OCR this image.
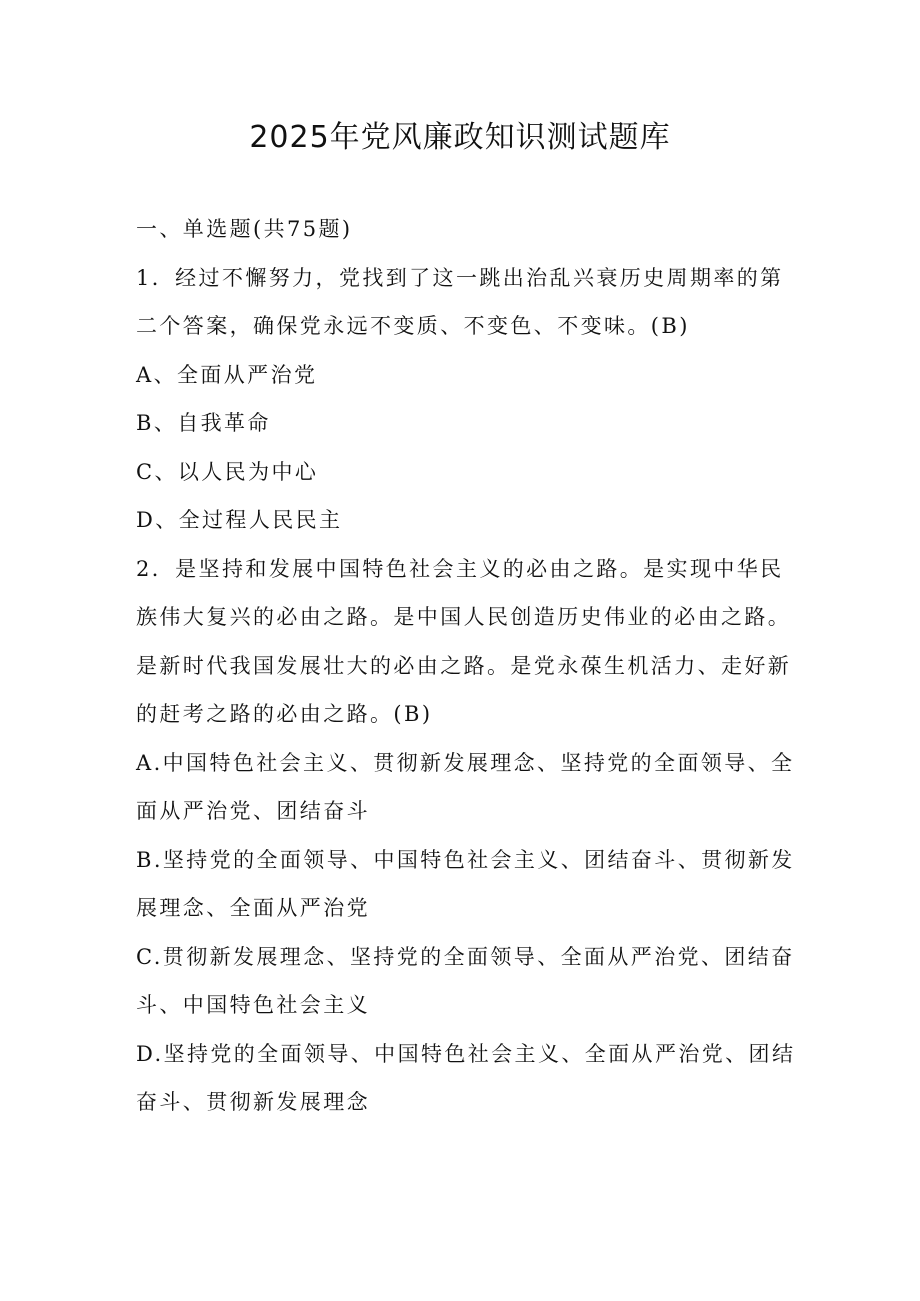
2025年党风廉政知识测试题库

一、单选题(共75题)

1．经过不懈努力，党找到了这一跳出治乱兴衰历史周期率的第
二个答案，确保党永远不变质、不变色、不变味。(B)

A、全面从严治党

B、自我革命

C、以人民为中心

D、全过程人民民主

2．是坚持和发展中国特色社会主义的必由之路。是实现中华民
族伟大复兴的必由之路。是中国人民创造历史伟业的必由之路。
是新时代我国发展壮大的必由之路。是党永葆生机活力、走好新
的赶考之路的必由之路。(B)

A.中国特色社会主义、贯彻新发展理念、坚持党的全面领导、全
面从严治党、团结奋斗

B.坚持党的全面领导、中国特色社会主义、团结奋斗、贯彻新发
展理念、全面从严治党

C.贯彻新发展理念、坚持党的全面领导、全面从严治党、团结奋
斗、中国特色社会主义

D.坚持党的全面领导、中国特色社会主义、全面从严治党、团结
奋斗、贯彻新发展理念
